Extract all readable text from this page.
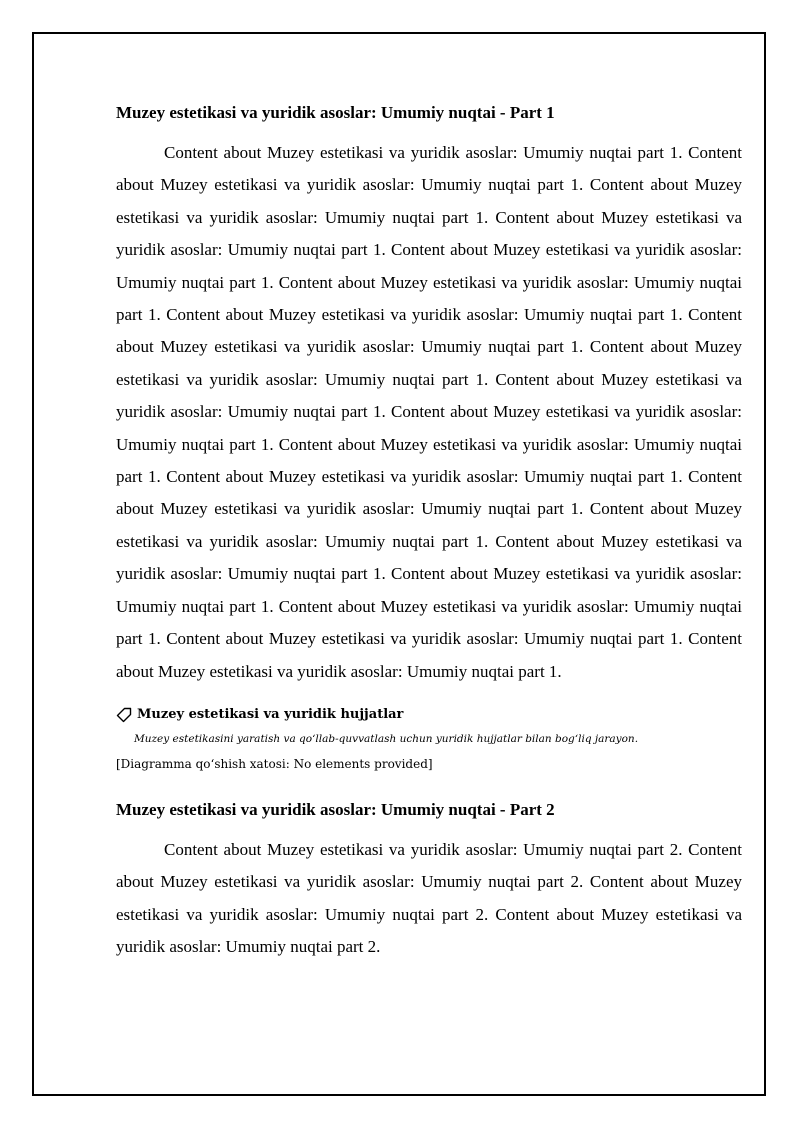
Muzey estetikasi va yuridik asoslar: Umumiy nuqtai - Part 1

Content about Muzey estetikasi va yuridik asoslar: Umumiy nuqtai part 1. Content about Muzey estetikasi va yuridik asoslar: Umumiy nuqtai part 1. Content about Muzey estetikasi va yuridik asoslar: Umumiy nuqtai part 1. Content about Muzey estetikasi va yuridik asoslar: Umumiy nuqtai part 1. Content about Muzey estetikasi va yuridik asoslar: Umumiy nuqtai part 1. Content about Muzey estetikasi va yuridik asoslar: Umumiy nuqtai part 1. Content about Muzey estetikasi va yuridik asoslar: Umumiy nuqtai part 1. Content about Muzey estetikasi va yuridik asoslar: Umumiy nuqtai part 1. Content about Muzey estetikasi va yuridik asoslar: Umumiy nuqtai part 1. Content about Muzey estetikasi va yuridik asoslar: Umumiy nuqtai part 1. Content about Muzey estetikasi va yuridik asoslar: Umumiy nuqtai part 1. Content about Muzey estetikasi va yuridik asoslar: Umumiy nuqtai part 1. Content about Muzey estetikasi va yuridik asoslar: Umumiy nuqtai part 1. Content about Muzey estetikasi va yuridik asoslar: Umumiy nuqtai part 1. Content about Muzey estetikasi va yuridik asoslar: Umumiy nuqtai part 1. Content about Muzey estetikasi va yuridik asoslar: Umumiy nuqtai part 1. Content about Muzey estetikasi va yuridik asoslar: Umumiy nuqtai part 1. Content about Muzey estetikasi va yuridik asoslar: Umumiy nuqtai part 1. Content about Muzey estetikasi va yuridik asoslar: Umumiy nuqtai part 1. Content about Muzey estetikasi va yuridik asoslar: Umumiy nuqtai part 1.

Muzey estetikasi va yuridik hujjatlar
Muzey estetikasini yaratish va qo‘llab-quvvatlash uchun yuridik hujjatlar bilan bog‘liq jarayon.
[Diagramma qo‘shish xatosi: No elements provided]
Muzey estetikasi va yuridik asoslar: Umumiy nuqtai - Part 2

Content about Muzey estetikasi va yuridik asoslar: Umumiy nuqtai part 2. Content about Muzey estetikasi va yuridik asoslar: Umumiy nuqtai part 2. Content about Muzey estetikasi va yuridik asoslar: Umumiy nuqtai part 2. Content about Muzey estetikasi va yuridik asoslar: Umumiy nuqtai part 2.
